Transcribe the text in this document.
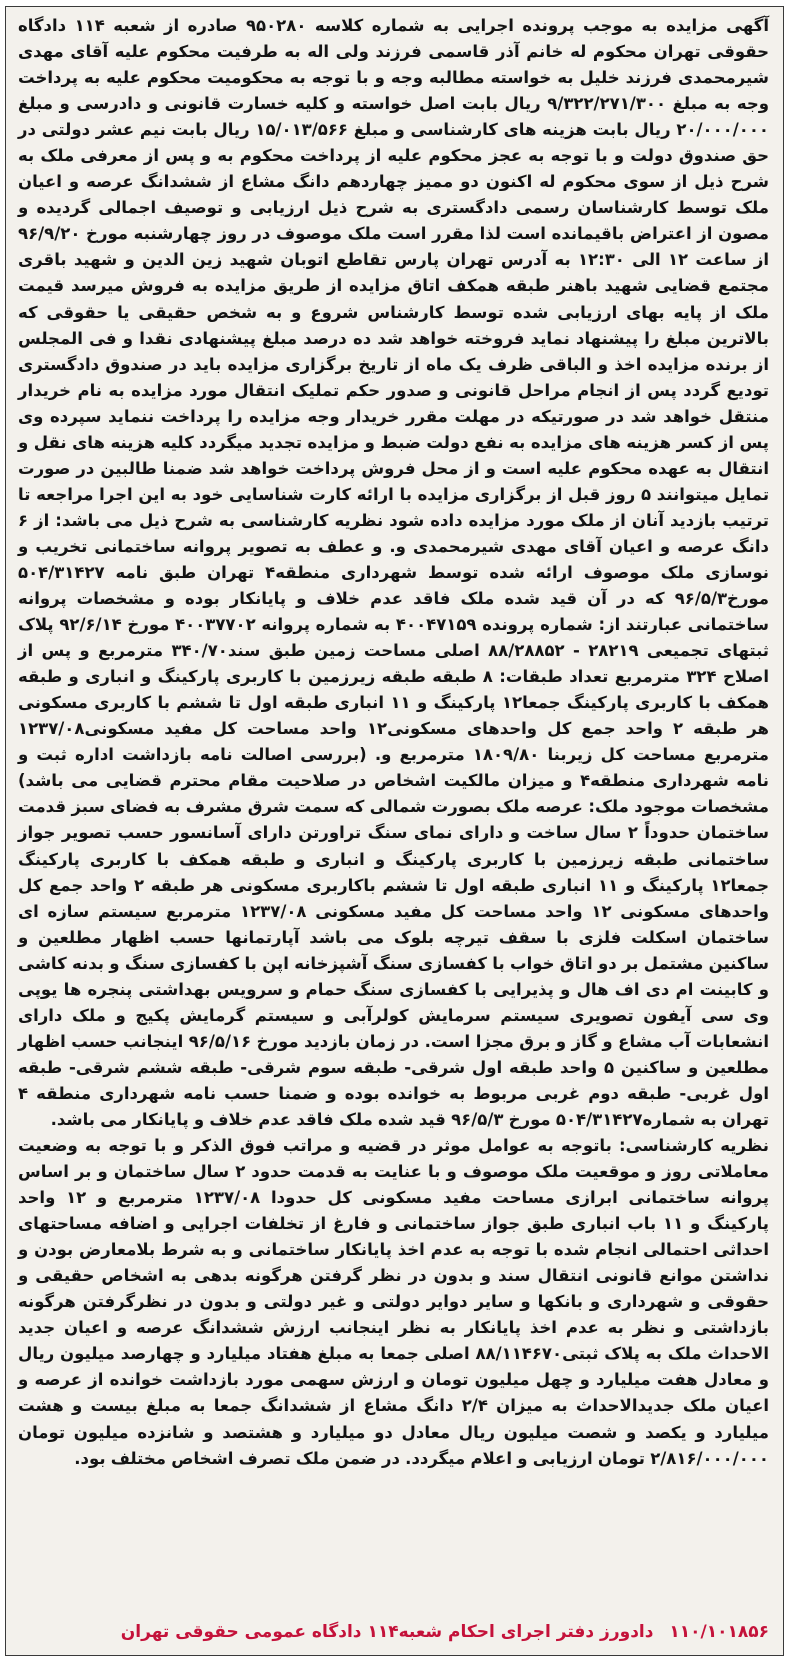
آگهی مزایده به موجب پرونده اجرایی به شماره کلاسه ۹۵۰۲۸۰ صادره از شعبه ۱۱۴ دادگاه حقوقی تهران محکوم له خانم آذر قاسمی فرزند ولی اله به طرفیت محکوم علیه آقای مهدی شیرمحمدی فرزند خلیل به خواسته مطالبه وجه و با توجه به محکومیت محکوم علیه به پرداخت وجه به مبلغ ۹/۳۲۲/۲۷۱/۳۰۰ ریال بابت اصل خواسته و کلیه خسارت قانونی و دادرسی و مبلغ ۲۰/۰۰۰/۰۰۰ ریال بابت هزینه های کارشناسی و مبلغ ۱۵/۰۱۳/۵۶۶ ریال بابت نیم عشر دولتی در حق صندوق دولت و با توجه به عجز محکوم علیه از پرداخت محکوم به و پس از معرفی ملک به شرح ذیل از سوی محکوم له اکنون دو ممیز چهاردهم دانگ مشاع از ششدانگ عرصه و اعیان ملک توسط کارشناسان رسمی دادگستری به شرح ذیل ارزیابی و توصیف اجمالی گردیده و مصون از اعتراض باقیمانده است لذا مقرر است ملک موصوف در روز چهارشنبه مورخ ۹۶/۹/۲۰ از ساعت ۱۲ الی ۱۲:۳۰ به آدرس تهران پارس تقاطع اتوبان شهید زین الدین و شهید باقری مجتمع قضایی شهید باهنر طبقه همکف اتاق مزایده از طریق مزایده به فروش میرسد قیمت ملک از پایه بهای ارزیابی شده توسط کارشناس شروع و به شخص حقیقی یا حقوقی که بالاترین مبلغ را پیشنهاد نماید فروخته خواهد شد ده درصد مبلغ پیشنهادی نقدا و فی المجلس از برنده مزایده اخذ و الباقی ظرف یک ماه از تاریخ برگزاری مزایده باید در صندوق دادگستری تودیع گردد پس از انجام مراحل قانونی و صدور حکم تملیک انتقال مورد مزایده به نام خریدار منتقل خواهد شد در صورتیکه در مهلت مقرر خریدار وجه مزایده را پرداخت ننماید سپرده وی پس از کسر هزینه های مزایده به نفع دولت ضبط و مزایده تجدید میگردد کلیه هزینه های نقل و انتقال به عهده محکوم علیه است و از محل فروش پرداخت خواهد شد ضمنا طالبین در صورت تمایل میتوانند ۵ روز قبل از برگزاری مزایده با ارائه کارت شناسایی خود به این اجرا مراجعه تا ترتیب بازدید آنان از ملک مورد مزایده داده شود نظریه کارشناسی به شرح ذیل می باشد: از ۶ دانگ عرصه و اعیان آقای مهدی شیرمحمدی و. و عطف به تصویر پروانه ساختمانی تخریب و نوسازی ملک موصوف ارائه شده توسط شهرداری منطقه۴ تهران طبق نامه ۵۰۴/۳۱۴۲۷ مورخ۹۶/۵/۳ که در آن قید شده ملک فاقد عدم خلاف و پایانکار بوده و مشخصات پروانه ساختمانی عبارتند از: شماره پرونده ۴۰۰۴۷۱۵۹ به شماره پروانه ۴۰۰۳۷۷۰۲ مورخ ۹۲/۶/۱۴ پلاک ثبتهای تجمیعی ۲۸۲۱۹ - ۸۸/۲۸۸۵۲ اصلی مساحت زمین طبق سند۳۴۰/۷۰ مترمربع و پس از اصلاح ۳۲۴ مترمربع تعداد طبقات: ۸ طبقه طبقه زیرزمین با کاربری پارکینگ و انباری و طبقه همکف با کاربری پارکینگ جمعا۱۲ پارکینگ و ۱۱ انباری طبقه اول تا ششم با کاربری مسکونی هر طبقه ۲ واحد جمع کل واحدهای مسکونی۱۲ واحد مساحت کل مفید مسکونی۱۲۳۷/۰۸ مترمربع مساحت کل زیربنا ۱۸۰۹/۸۰ مترمربع و. (بررسی اصالت نامه بازداشت اداره ثبت و نامه شهرداری منطقه۴ و میزان مالکیت اشخاص در صلاحیت مقام محترم قضایی می باشد) مشخصات موجود ملک: عرصه ملک بصورت شمالی که سمت شرق مشرف به فضای سبز قدمت ساختمان حدوداً ۲ سال ساخت و دارای نمای سنگ تراورتن دارای آسانسور حسب تصویر جواز ساختمانی طبقه زیرزمین با کاربری پارکینگ و انباری و طبقه همکف با کاربری پارکینگ جمعا۱۲ پارکینگ و ۱۱ انباری طبقه اول تا ششم باکاربری مسکونی هر طبقه ۲ واحد جمع کل واحدهای مسکونی ۱۲ واحد مساحت کل مفید مسکونی ۱۲۳۷/۰۸ مترمربع سیستم سازه ای ساختمان اسکلت فلزی با سقف تیرچه بلوک می باشد آپارتمانها حسب اظهار مطلعین و ساکنین مشتمل بر دو اتاق خواب با کفسازی سنگ آشپزخانه اپن با کفسازی سنگ و بدنه کاشی و کابینت ام دی اف هال و پذیرایی با کفسازی سنگ حمام و سرویس بهداشتی پنجره ها یوپی وی سی آیفون تصویری سیستم سرمایش کولرآبی و سیستم گرمایش پکیج و ملک دارای انشعابات آب مشاع و گاز و برق مجزا است. در زمان بازدید مورخ ۹۶/۵/۱۶ اینجانب حسب اظهار مطلعین و ساکنین ۵ واحد طبقه اول شرقی- طبقه سوم شرقی- طبقه ششم شرقی- طبقه اول غربی- طبقه دوم غربی مربوط به خوانده بوده و ضمنا حسب نامه شهرداری منطقه ۴ تهران به شماره۵۰۴/۳۱۴۲۷ مورخ ۹۶/۵/۳ قید شده ملک فاقد عدم خلاف و پایانکار می باشد.

نظریه کارشناسی: باتوجه به عوامل موثر در قضیه و مراتب فوق الذکر و با توجه به وضعیت معاملاتی روز و موقعیت ملک موصوف و با عنایت به قدمت حدود ۲ سال ساختمان و بر اساس پروانه ساختمانی ابرازی مساحت مفید مسکونی کل حدودا ۱۲۳۷/۰۸ مترمربع و ۱۲ واحد پارکینگ و ۱۱ باب انباری طبق جواز ساختمانی و فارغ از تخلفات اجرایی و اضافه مساحتهای احداثی احتمالی انجام شده با توجه به عدم اخذ پایانکار ساختمانی و به شرط بلامعارض بودن و نداشتن موانع قانونی انتقال سند و بدون در نظر گرفتن هرگونه بدهی به اشخاص حقیقی و حقوقی و شهرداری و بانکها و سایر دوایر دولتی و غیر دولتی و بدون در نظرگرفتن هرگونه بازداشتی و نظر به عدم اخذ پایانکار به نظر اینجانب ارزش ششدانگ عرصه و اعیان جدید الاحداث ملک به پلاک ثبتی۸۸/۱۱۴۶۷۰ اصلی جمعا به مبلغ هفتاد میلیارد و چهارصد میلیون ریال و معادل هفت میلیارد و چهل میلیون تومان و ارزش سهمی مورد بازداشت خوانده از عرصه و اعیان ملک جدیدالاحداث به میزان ۲/۴ دانگ مشاع از ششدانگ جمعا به مبلغ بیست و هشت میلیارد و یکصد و شصت میلیون ریال معادل دو میلیارد و هشتصد و شانزده میلیون تومان ۲/۸۱۶/۰۰۰/۰۰۰ تومان ارزیابی و اعلام میگردد. در ضمن ملک تصرف اشخاص مختلف بود.

۱۱۰/۱۰۱۸۵۶ دادورز دفتر اجرای احکام شعبه۱۱۴ دادگاه عمومی حقوقی تهران
